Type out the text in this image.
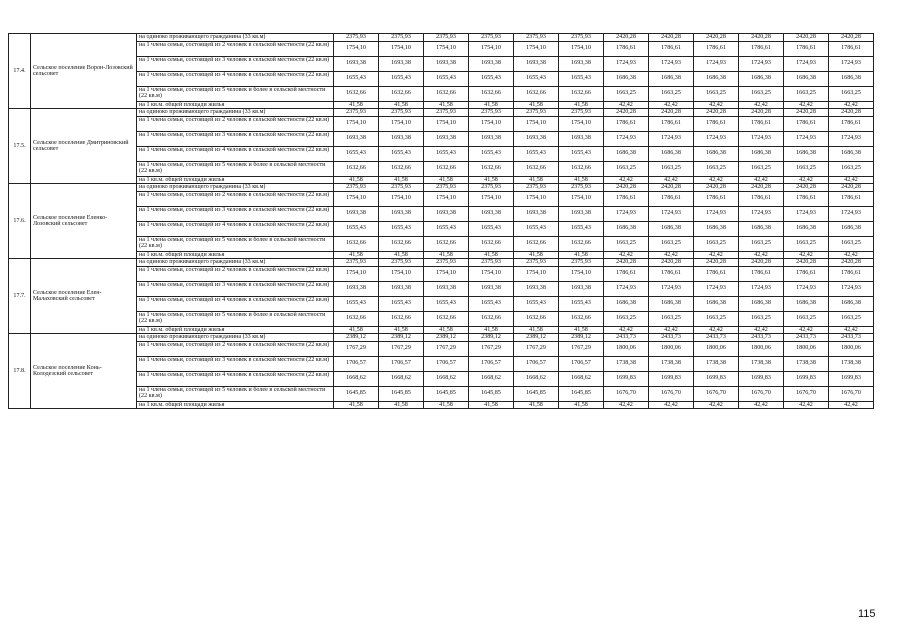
17.4.	Сельское поселение Ворон-Лозовский сельсовет	на одиноко проживающего гражданина (33 кв.м)	2375,93	2375,93	2375,93	2375,93	2375,93	2375,93	2420,28	2420,28	2420,28	2420,28	2420,28	2420,28
		на 1 члена семьи, состоящей из 2 человек в сельской местности (22 кв.м)	1754,10	1754,10	1754,10	1754,10	1754,10	1754,10	1786,61	1786,61	1786,61	1786,61	1786,61	1786,61
		на 1 члена семьи, состоящей из 3 человек в сельской местности (22 кв.м)	1693,38	1693,38	1693,38	1693,38	1693,38	1693,38	1724,93	1724,93	1724,93	1724,93	1724,93	1724,93
		на 1 члена семьи, состоящей из 4 человек в сельской местности (22 кв.м)	1655,43	1655,43	1655,43	1655,43	1655,43	1655,43	1686,38	1686,38	1686,38	1686,38	1686,38	1686,38
		на 1 члена семьи, состоящей из 5 человек и более в сельской местности (22 кв.м)	1632,66	1632,66	1632,66	1632,66	1632,66	1632,66	1663,25	1663,25	1663,25	1663,25	1663,25	1663,25
		на 1 кв.м. общей площади жилья	41,58	41,58	41,58	41,58	41,58	41,58	42,42	42,42	42,42	42,42	42,42	42,42
17.5.	Сельское поселение Дмитриновский сельсовет	на одиноко проживающего гражданина (33 кв.м)	2375,93	2375,93	2375,93	2375,93	2375,93	2375,93	2420,28	2420,28	2420,28	2420,28	2420,28	2420,28
		на 1 члена семьи, состоящей из 2 человек в сельской местности (22 кв.м)	1754,10	1754,10	1754,10	1754,10	1754,10	1754,10	1786,61	1786,61	1786,61	1786,61	1786,61	1786,61
		на 1 члена семьи, состоящей из 3 человек в сельской местности (22 кв.м)	1693,38	1693,38	1693,38	1693,38	1693,38	1693,38	1724,93	1724,93	1724,93	1724,93	1724,93	1724,93
		на 1 члена семьи, состоящей из 4 человек в сельской местности (22 кв.м)	1655,43	1655,43	1655,43	1655,43	1655,43	1655,43	1686,38	1686,38	1686,38	1686,38	1686,38	1686,38
		на 1 члена семьи, состоящей из 5 человек и более в сельской местности (22 кв.м)	1632,66	1632,66	1632,66	1632,66	1632,66	1632,66	1663,25	1663,25	1663,25	1663,25	1663,25	1663,25
		на 1 кв.м. общей площади жилья	41,58	41,58	41,58	41,58	41,58	41,58	42,42	42,42	42,42	42,42	42,42	42,42
17.6.	Сельское поселение Еленко-Лозовский сельсовет	на одиноко проживающего гражданина (33 кв.м)	2375,93	2375,93	2375,93	2375,93	2375,93	2375,93	2420,28	2420,28	2420,28	2420,28	2420,28	2420,28
		на 1 члена семьи, состоящей из 2 человек в сельской местности (22 кв.м)	1754,10	1754,10	1754,10	1754,10	1754,10	1754,10	1786,61	1786,61	1786,61	1786,61	1786,61	1786,61
		на 1 члена семьи, состоящей из 3 человек в сельской местности (22 кв.м)	1693,38	1693,38	1693,38	1693,38	1693,38	1693,38	1724,93	1724,93	1724,93	1724,93	1724,93	1724,93
		на 1 члена семьи, состоящей из 4 человек в сельской местности (22 кв.м)	1655,43	1655,43	1655,43	1655,43	1655,43	1655,43	1686,38	1686,38	1686,38	1686,38	1686,38	1686,38
		на 1 члена семьи, состоящей из 5 человек и более в сельской местности (22 кв.м)	1632,66	1632,66	1632,66	1632,66	1632,66	1632,66	1663,25	1663,25	1663,25	1663,25	1663,25	1663,25
		на 1 кв.м. общей площади жилья	41,58	41,58	41,58	41,58	41,58	41,58	42,42	42,42	42,42	42,42	42,42	42,42
17.7.	Сельское поселение Елен-Малаховский сельсовет	на одиноко проживающего гражданина (33 кв.м)	2375,93	2375,93	2375,93	2375,93	2375,93	2375,93	2420,28	2420,28	2420,28	2420,28	2420,28	2420,28
		на 1 члена семьи, состоящей из 2 человек в сельской местности (22 кв.м)	1754,10	1754,10	1754,10	1754,10	1754,10	1754,10	1786,61	1786,61	1786,61	1786,61	1786,61	1786,61
		на 1 члена семьи, состоящей из 3 человек в сельской местности (22 кв.м)	1693,38	1693,38	1693,38	1693,38	1693,38	1693,38	1724,93	1724,93	1724,93	1724,93	1724,93	1724,93
		на 1 члена семьи, состоящей из 4 человек в сельской местности (22 кв.м)	1655,43	1655,43	1655,43	1655,43	1655,43	1655,43	1686,38	1686,38	1686,38	1686,38	1686,38	1686,38
		на 1 члена семьи, состоящей из 5 человек и более в сельской местности (22 кв.м)	1632,66	1632,66	1632,66	1632,66	1632,66	1632,66	1663,25	1663,25	1663,25	1663,25	1663,25	1663,25
		на 1 кв.м. общей площади жилья	41,58	41,58	41,58	41,58	41,58	41,58	42,42	42,42	42,42	42,42	42,42	42,42
17.8.	Сельское поселение Конь-Колодезский сельсовет	на одиноко проживающего гражданина (33 кв.м)	2389,12	2389,12	2389,12	2389,12	2389,12	2389,12	2433,73	2433,73	2433,73	2433,73	2433,73	2433,73
		на 1 члена семьи, состоящей из 2 человек в сельской местности (22 кв.м)	1767,29	1767,29	1767,29	1767,29	1767,29	1767,29	1800,06	1800,06	1800,06	1800,06	1800,06	1800,06
		на 1 члена семьи, состоящей из 3 человек в сельской местности (22 кв.м)	1706,57	1706,57	1706,57	1706,57	1706,57	1706,57	1738,38	1738,38	1738,38	1738,38	1738,38	1738,38
		на 1 члена семьи, состоящей из 4 человек в сельской местности (22 кв.м)	1668,62	1668,62	1668,62	1668,62	1668,62	1668,62	1699,83	1699,83	1699,83	1699,83	1699,83	1699,83
		на 1 члена семьи, состоящей из 5 человек и более в сельской местности (22 кв.м)	1645,85	1645,85	1645,85	1645,85	1645,85	1645,85	1676,70	1676,70	1676,70	1676,70	1676,70	1676,70
		на 1 кв.м. общей площади жилья	41,58	41,58	41,58	41,58	41,58	41,58	42,42	42,42	42,42	42,42	42,42	42,42
115
